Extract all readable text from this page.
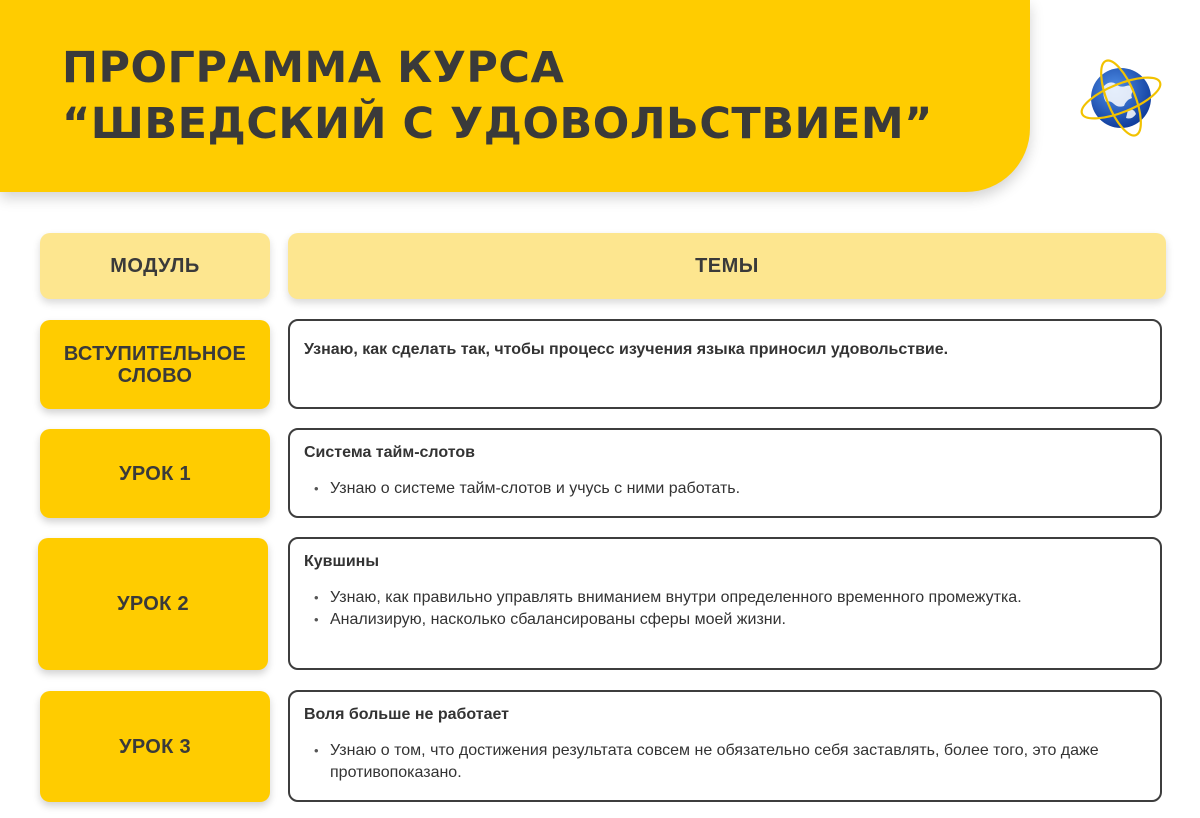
ПРОГРАММА КУРСА
“ШВЕДСКИЙ С УДОВОЛЬСТВИЕМ”
МОДУЛЬ	ТЕМЫ
ВСТУПИТЕЛЬНОЕ
СЛОВО
Узнаю, как сделать так, чтобы процесс изучения языка приносил удовольствие.
УРОК 1
Система тайм-слотов
• Узнаю о системе тайм-слотов и учусь с ними работать.
УРОК 2
Кувшины
• Узнаю, как правильно управлять вниманием внутри определенного временного промежутка.
• Анализирую, насколько сбалансированы сферы моей жизни.
УРОК 3
Воля больше не работает
• Узнаю о том, что достижения результата совсем не обязательно себя заставлять, более того, это даже противопоказано.
